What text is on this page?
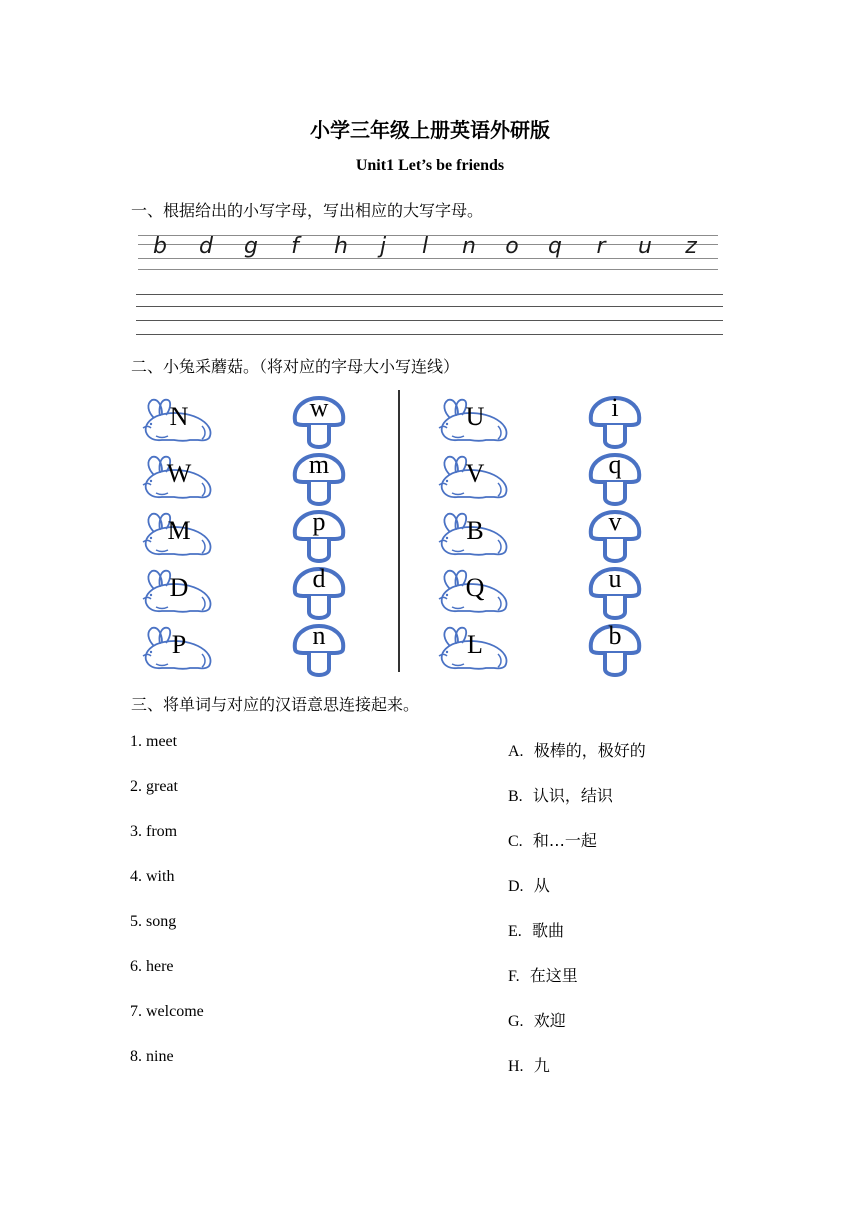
小学三年级上册英语外研版
Unit1 Let’s be friends
一、根据给出的小写字母，写出相应的大写字母。
b	d	g	f	h	j	l	n	o	q	r	u	z
二、小兔采蘑菇。（将对应的字母大小写连线）
N
W
M
D
P
w
m
p
d
n
U
V
B
Q
L
i
q
v
u
b
三、将单词与对应的汉语意思连接起来。
1. meet
2. great
3. from
4. with
5. song
6. here
7. welcome
8. nine
A. 极棒的，极好的
B. 认识，结识
C. 和…一起
D. 从
E. 歌曲
F. 在这里
G. 欢迎
H. 九
